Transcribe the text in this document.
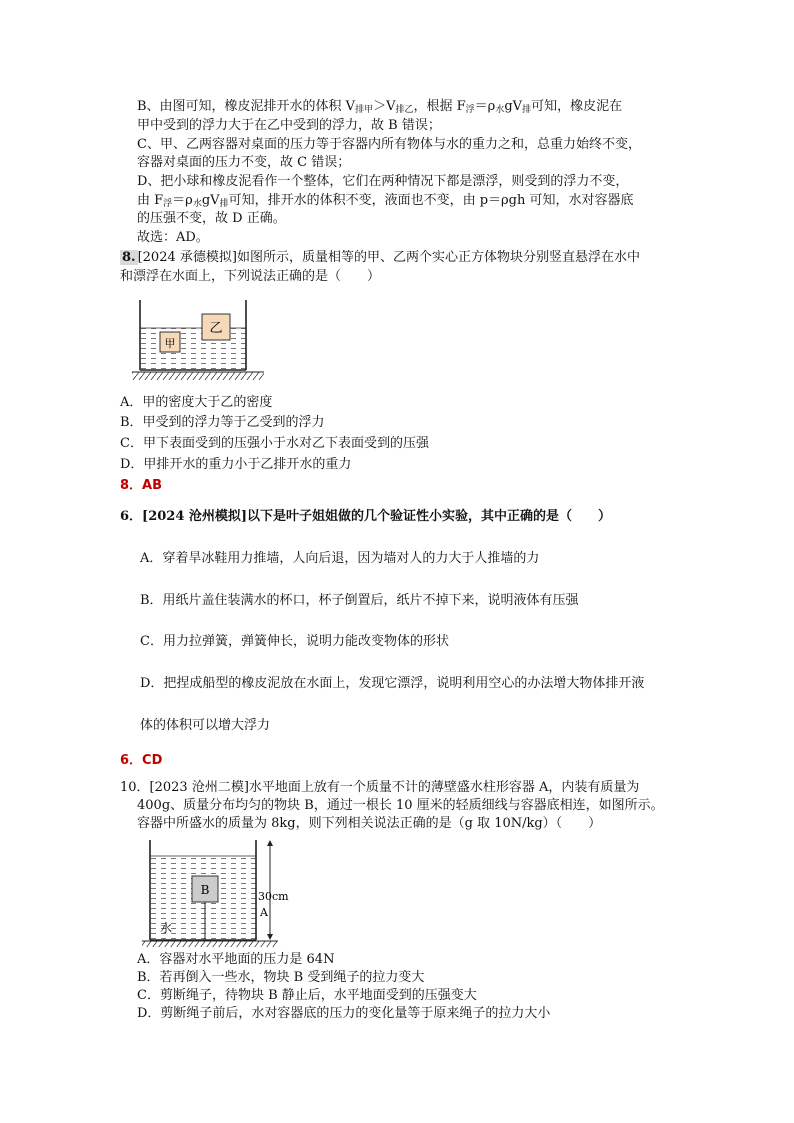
B、由图可知，橡皮泥排开水的体积 $V_{排甲}>V_{排乙}$，根据 $F_浮=\rho_水gV_排$可知，橡皮泥在
甲中受到的浮力大于在乙中受到的浮力，故 B 错误；
C、甲、乙两容器对桌面的压力等于容器内所有物体与水的重力之和，总重力始终不变，
容器对桌面的压力不变，故 C 错误；
D、把小球和橡皮泥看作一个整体，它们在两种情况下都是漂浮，则受到的浮力不变，
由 $F_浮=\rho_水gV_排$可知，排开水的体积不变，液面也不变，由 p＝ρgh 可知，水对容器底
的压强不变，故 D 正确。
故选：AD。
8. [2024 承德模拟]如图所示，质量相等的甲、乙两个实心正方体物块分别竖直悬浮在水中
和漂浮在水面上，下列说法正确的是（　　）
甲
乙
A．甲的密度大于乙的密度
B．甲受到的浮力等于乙受到的浮力
C．甲下表面受到的压强小于水对乙下表面受到的压强
D．甲排开水的重力小于乙排开水的重力
8．AB
6．[2024 沧州模拟]以下是叶子姐姐做的几个验证性小实验，其中正确的是（　　）
A．穿着旱冰鞋用力推墙，人向后退，因为墙对人的力大于人推墙的力
B．用纸片盖住装满水的杯口，杯子倒置后，纸片不掉下来，说明液体有压强
C．用力拉弹簧，弹簧伸长，说明力能改变物体的形状
D．把捏成船型的橡皮泥放在水面上，发现它漂浮，说明利用空心的办法增大物体排开液
体的体积可以增大浮力
6．CD
10．[2023 沧州二模]水平地面上放有一个质量不计的薄壁盛水柱形容器 A，内装有质量为
400g、质量分布均匀的物块 B，通过一根长 10 厘米的轻质细线与容器底相连，如图所示。
容器中所盛水的质量为 8kg，则下列相关说法正确的是（g 取 10N/kg）（　　）
B
水
30cm
A
A．容器对水平地面的压力是 64N
B．若再倒入一些水，物块 B 受到绳子的拉力变大
C．剪断绳子，待物块 B 静止后，水平地面受到的压强变大
D．剪断绳子前后，水对容器底的压力的变化量等于原来绳子的拉力大小
